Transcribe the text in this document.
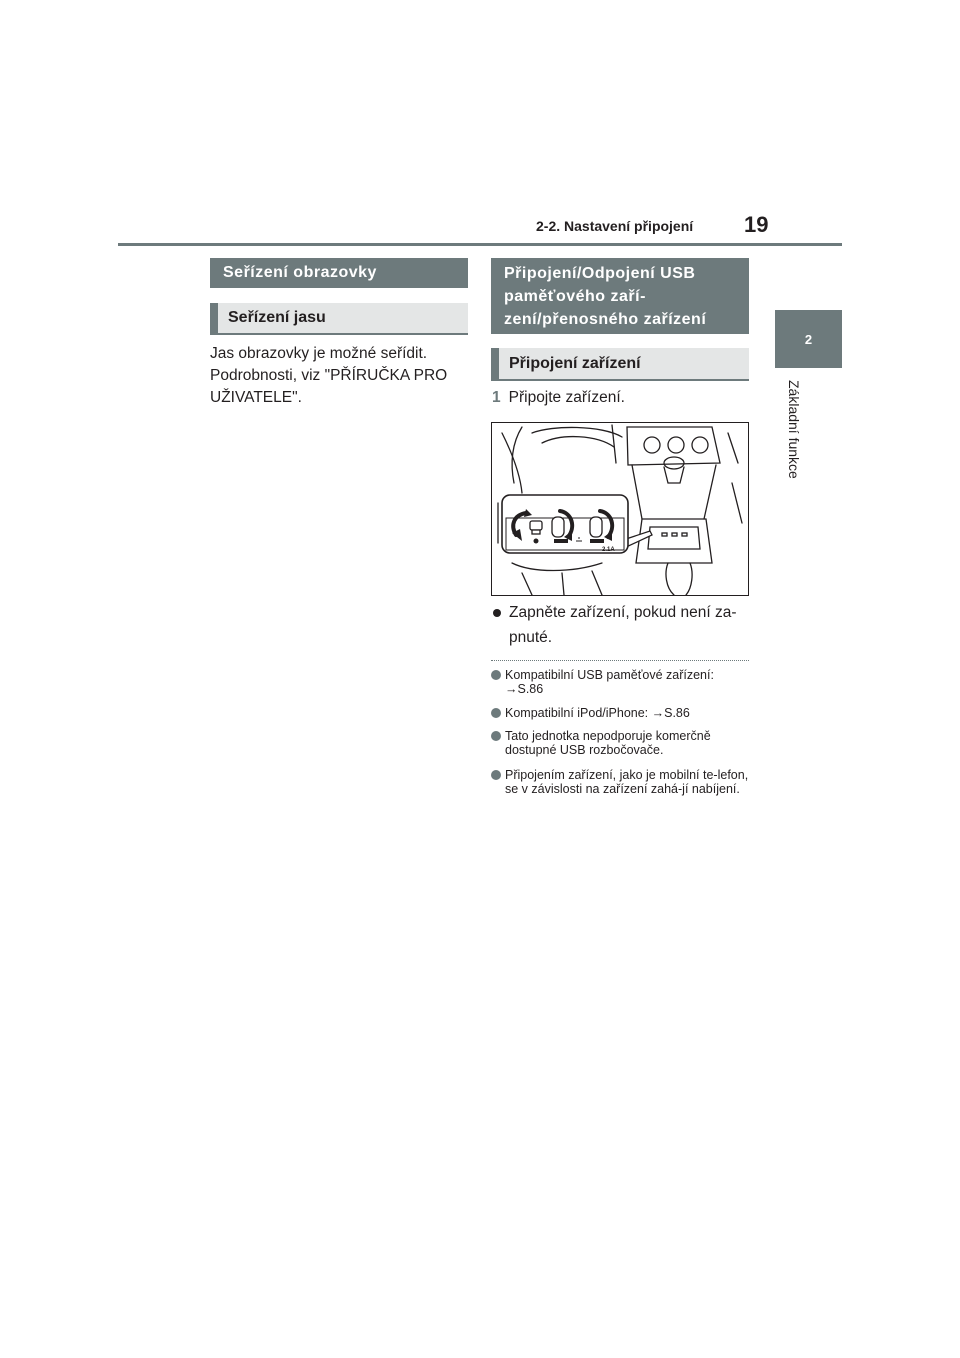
2-2. Nastavení připojení 19
2
Základní funkce
Seřízení obrazovky
Seřízení jasu
Jas obrazovky je možné seřídit. Podrobnosti, viz "PŘÍRUČKA PRO UŽIVATELE".
Připojení/Odpojení USB paměťového zaří-zení/přenosného zařízení
Připojení zařízení
1 Připojte zařízení.
2.1A
Zapněte zařízení, pokud není za-pnuté.
Kompatibilní USB paměťové zařízení: →S.86
Kompatibilní iPod/iPhone: →S.86
Tato jednotka nepodporuje komerčně dostupné USB rozbočovače.
Připojením zařízení, jako je mobilní te-lefon, se v závislosti na zařízení zahá-jí nabíjení.
